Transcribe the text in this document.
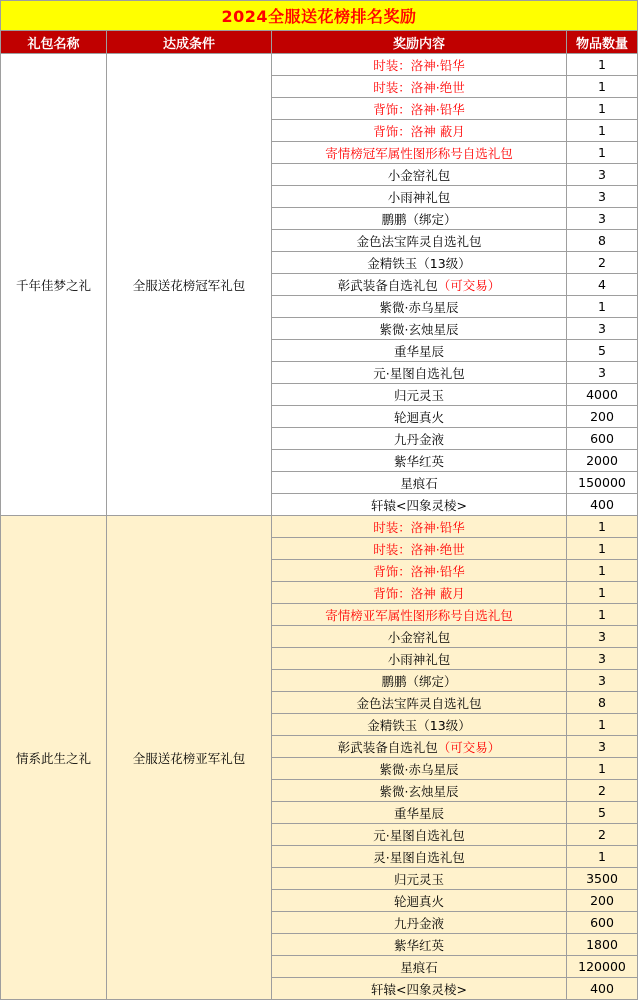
2024全服送花榜排名奖励			
礼包名称	达成条件	奖励内容	物品数量
千年佳梦之礼	全服送花榜冠军礼包	时装：洛神·铅华	1
		时装：洛神·绝世	1
		背饰：洛神·铅华	1
		背饰：洛神 蔽月	1
		寄情榜冠军属性图形称号自选礼包	1
		小金窑礼包	3
		小雨神礼包	3
		鹏鹏（绑定）	3
		金色法宝阵灵自选礼包	8
		金精铁玉（13级）	2
		彰武装备自选礼包（可交易）	4
		紫微·赤乌星辰	1
		紫微·玄烛星辰	3
		重华星辰	5
		元·星图自选礼包	3
		归元灵玉	4000
		轮迴真火	200
		九丹金液	600
		紫华红英	2000
		星痕石	150000
		轩辕<四象灵棱>	400
情系此生之礼	全服送花榜亚军礼包	时装：洛神·铅华	1
		时装：洛神·绝世	1
		背饰：洛神·铅华	1
		背饰：洛神 蔽月	1
		寄情榜亚军属性图形称号自选礼包	1
		小金窑礼包	3
		小雨神礼包	3
		鹏鹏（绑定）	3
		金色法宝阵灵自选礼包	8
		金精铁玉（13级）	1
		彰武装备自选礼包（可交易）	3
		紫微·赤乌星辰	1
		紫微·玄烛星辰	2
		重华星辰	5
		元·星图自选礼包	2
		灵·星图自选礼包	1
		归元灵玉	3500
		轮迴真火	200
		九丹金液	600
		紫华红英	1800
		星痕石	120000
		轩辕<四象灵棱>	400
